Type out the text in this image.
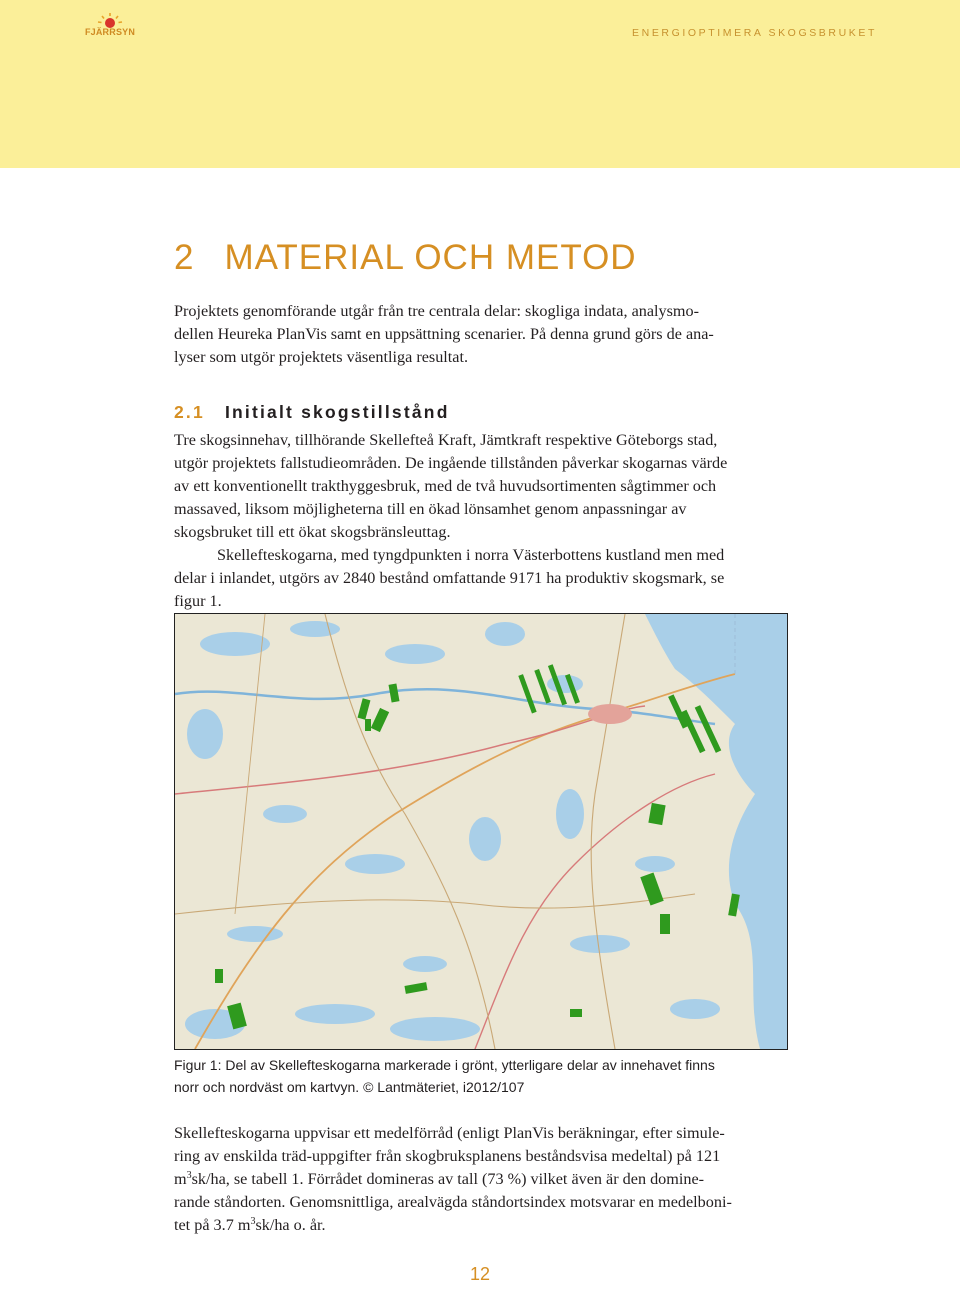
FJÄRRSYN	ENERGIOPTIMERA SKOGSBRUKET
2 MATERIAL OCH METOD
Projektets genomförande utgår från tre centrala delar: skogliga indata, analysmo-
dellen Heureka PlanVis samt en uppsättning scenarier. På denna grund görs de ana-
lyser som utgör projektets väsentliga resultat.
2.1 Initialt skogstillstånd
Tre skogsinnehav, tillhörande Skellefteå Kraft, Jämtkraft respektive Göteborgs stad,
utgör projektets fallstudieområden. De ingående tillstånden påverkar skogarnas värde
av ett konventionellt trakthyggesbruk, med de två huvudsortimenten sågtimmer och
massaved, liksom möjligheterna till en ökad lönsamhet genom anpassningar av
skogsbruket till ett ökat skogsbränsleuttag.
Skellefteskogarna, med tyngdpunkten i norra Västerbottens kustland men med
delar i inlandet, utgörs av 2840 bestånd omfattande 9171 ha produktiv skogsmark, se
figur 1.
Figur 1: Del av Skellefteskogarna markerade i grönt, ytterligare delar av innehavet finns
norr och nordväst om kartvyn. © Lantmäteriet, i2012/107
Skellefteskogarna uppvisar ett medelförråd (enligt PlanVis beräkningar, efter simule-
ring av enskilda träd-uppgifter från skogbruksplanens beståndsvisa medeltal) på 121
$m^3sk/ha$, se tabell 1. Förrådet domineras av tall (73 %) vilket även är den domine-
rande ståndorten. Genomsnittliga, arealvägda ståndortsindex motsvarar en medelboni-
tet på 3.7 $m^3sk/ha$ o. år.
12
